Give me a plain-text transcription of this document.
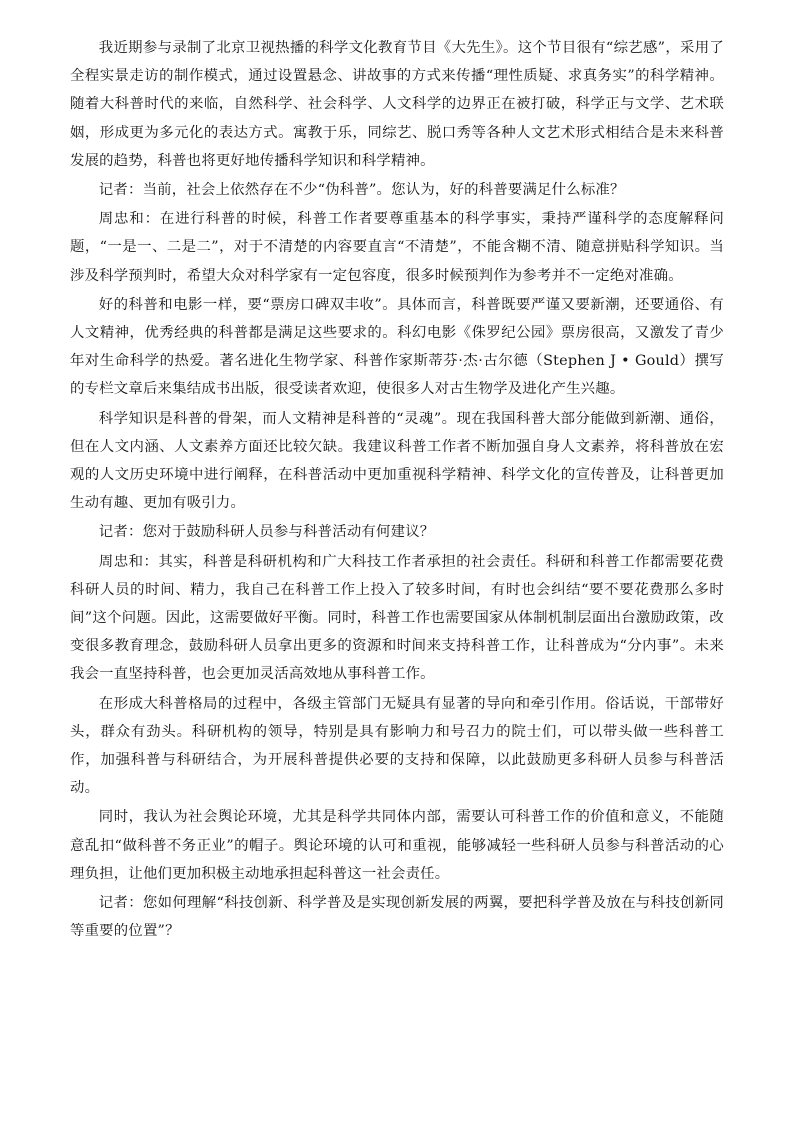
我近期参与录制了北京卫视热播的科学文化教育节目《大先生》。这个节目很有“综艺感”，采用了全程实景走访的制作模式，通过设置悬念、讲故事的方式来传播“理性质疑、求真务实”的科学精神。随着大科普时代的来临，自然科学、社会科学、人文科学的边界正在被打破，科学正与文学、艺术联姻，形成更为多元化的表达方式。寓教于乐，同综艺、脱口秀等各种人文艺术形式相结合是未来科普发展的趋势，科普也将更好地传播科学知识和科学精神。

记者：当前，社会上依然存在不少“伪科普”。您认为，好的科普要满足什么标准？

周忠和：在进行科普的时候，科普工作者要尊重基本的科学事实，秉持严谨科学的态度解释问题，“一是一、二是二”，对于不清楚的内容要直言“不清楚”，不能含糊不清、随意拼贴科学知识。当涉及科学预判时，希望大众对科学家有一定包容度，很多时候预判作为参考并不一定绝对准确。

好的科普和电影一样，要“票房口碑双丰收”。具体而言，科普既要严谨又要新潮，还要通俗、有人文精神，优秀经典的科普都是满足这些要求的。科幻电影《侏罗纪公园》票房很高，又激发了青少年对生命科学的热爱。著名进化生物学家、科普作家斯蒂芬·杰·古尔德（Stephen J • Gould）撰写的专栏文章后来集结成书出版，很受读者欢迎，使很多人对古生物学及进化产生兴趣。

科学知识是科普的骨架，而人文精神是科普的“灵魂”。现在我国科普大部分能做到新潮、通俗，但在人文内涵、人文素养方面还比较欠缺。我建议科普工作者不断加强自身人文素养，将科普放在宏观的人文历史环境中进行阐释，在科普活动中更加重视科学精神、科学文化的宣传普及，让科普更加生动有趣、更加有吸引力。

记者：您对于鼓励科研人员参与科普活动有何建议？

周忠和：其实，科普是科研机构和广大科技工作者承担的社会责任。科研和科普工作都需要花费科研人员的时间、精力，我自己在科普工作上投入了较多时间，有时也会纠结“要不要花费那么多时间”这个问题。因此，这需要做好平衡。同时，科普工作也需要国家从体制机制层面出台激励政策，改变很多教育理念，鼓励科研人员拿出更多的资源和时间来支持科普工作，让科普成为“分内事”。未来我会一直坚持科普，也会更加灵活高效地从事科普工作。

在形成大科普格局的过程中，各级主管部门无疑具有显著的导向和牵引作用。俗话说，干部带好头，群众有劲头。科研机构的领导，特别是具有影响力和号召力的院士们，可以带头做一些科普工作，加强科普与科研结合，为开展科普提供必要的支持和保障，以此鼓励更多科研人员参与科普活动。

同时，我认为社会舆论环境，尤其是科学共同体内部，需要认可科普工作的价值和意义，不能随意乱扣“做科普不务正业”的帽子。舆论环境的认可和重视，能够减轻一些科研人员参与科普活动的心理负担，让他们更加积极主动地承担起科普这一社会责任。

记者：您如何理解“科技创新、科学普及是实现创新发展的两翼，要把科学普及放在与科技创新同等重要的位置”？
